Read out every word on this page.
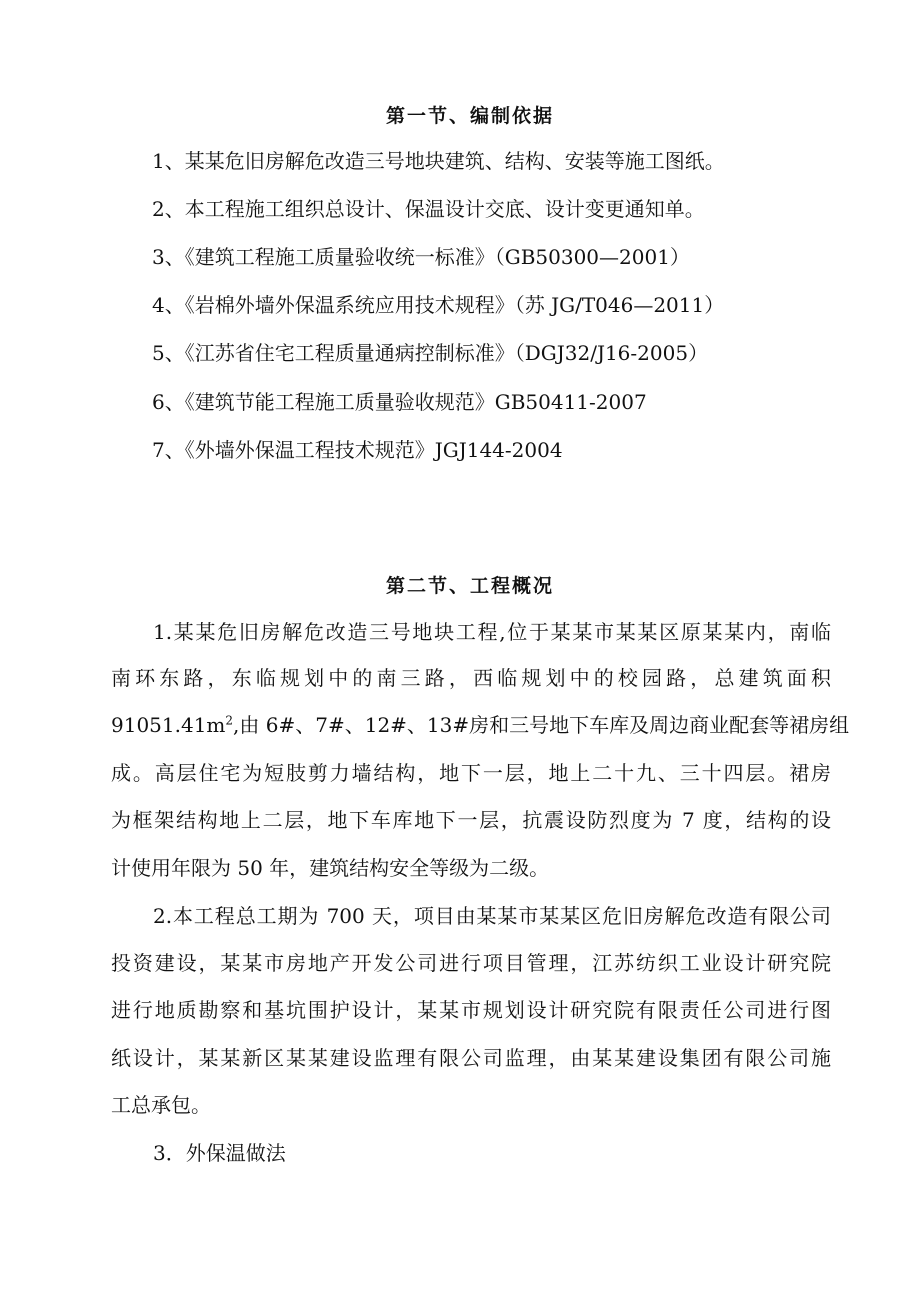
第一节、编制依据
1、某某危旧房解危改造三号地块建筑、结构、安装等施工图纸。
2、本工程施工组织总设计、保温设计交底、设计变更通知单。
3、《建筑工程施工质量验收统一标准》（GB50300—2001）
4、《岩棉外墙外保温系统应用技术规程》（苏 JG/T046—2011）
5、《江苏省住宅工程质量通病控制标准》（DGJ32/J16-2005）
6、《建筑节能工程施工质量验收规范》GB50411-2007
7、《外墙外保温工程技术规范》JGJ144-2004
第二节、工程概况
1.某某危旧房解危改造三号地块工程,位于某某市某某区原某某内，南临
南环东路，东临规划中的南三路，西临规划中的校园路，总建筑面积
$91051.41m^2$,由 6#、7#、12#、13#房和三号地下车库及周边商业配套等裙房组
成。高层住宅为短肢剪力墙结构，地下一层，地上二十九、三十四层。裙房
为框架结构地上二层，地下车库地下一层，抗震设防烈度为 7 度，结构的设
计使用年限为 50 年，建筑结构安全等级为二级。
2.本工程总工期为 700 天，项目由某某市某某区危旧房解危改造有限公司
投资建设，某某市房地产开发公司进行项目管理，江苏纺织工业设计研究院
进行地质勘察和基坑围护设计，某某市规划设计研究院有限责任公司进行图
纸设计，某某新区某某建设监理有限公司监理，由某某建设集团有限公司施
工总承包。
3．外保温做法
